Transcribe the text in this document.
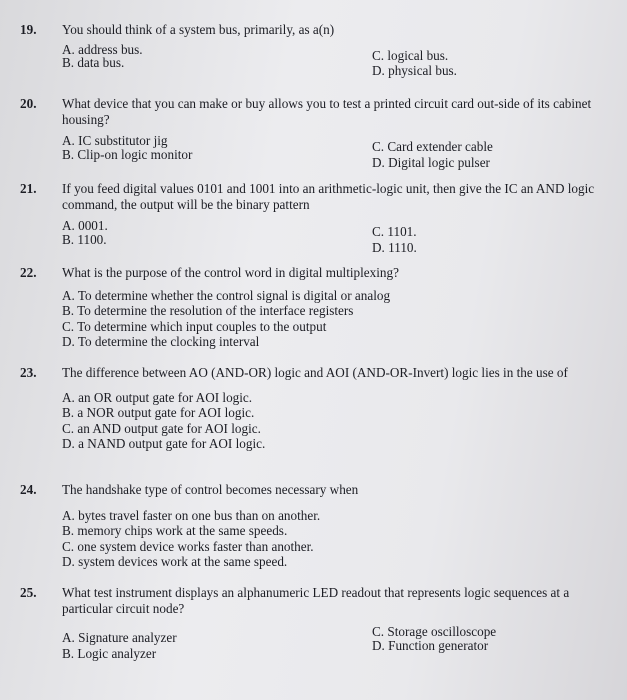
19.	You should think of a system bus, primarily, as a(n)
A. address bus.	C. logical bus.
B. data bus.
D. physical bus.
20.	What device that you can make or buy allows you to test a printed circuit card out-side of its cabinet housing?
A. IC substitutor jig	C. Card extender cable
B. Clip-on logic monitor
D. Digital logic pulser
21.	If you feed digital values 0101 and 1001 into an arithmetic-logic unit, then give the IC an AND logic command, the output will be the binary pattern
A. 0001.	C. 1101.
B. 1100.
D. 1110.
22.	What is the purpose of the control word in digital multiplexing?
A. To determine whether the control signal is digital or analog
B. To determine the resolution of the interface registers
C. To determine which input couples to the output
D. To determine the clocking interval
23.	The difference between AO (AND-OR) logic and AOI (AND-OR-Invert) logic lies in the use of
A. an OR output gate for AOI logic.
B. a NOR output gate for AOI logic.
C. an AND output gate for AOI logic.
D. a NAND output gate for AOI logic.
24.	The handshake type of control becomes necessary when
A. bytes travel faster on one bus than on another.
B. memory chips work at the same speeds.
C. one system device works faster than another.
D. system devices work at the same speed.
25.	What test instrument displays an alphanumeric LED readout that represents logic sequences at a particular circuit node?
A. Signature analyzer	C. Storage oscilloscope
B. Logic analyzer
D. Function generator
